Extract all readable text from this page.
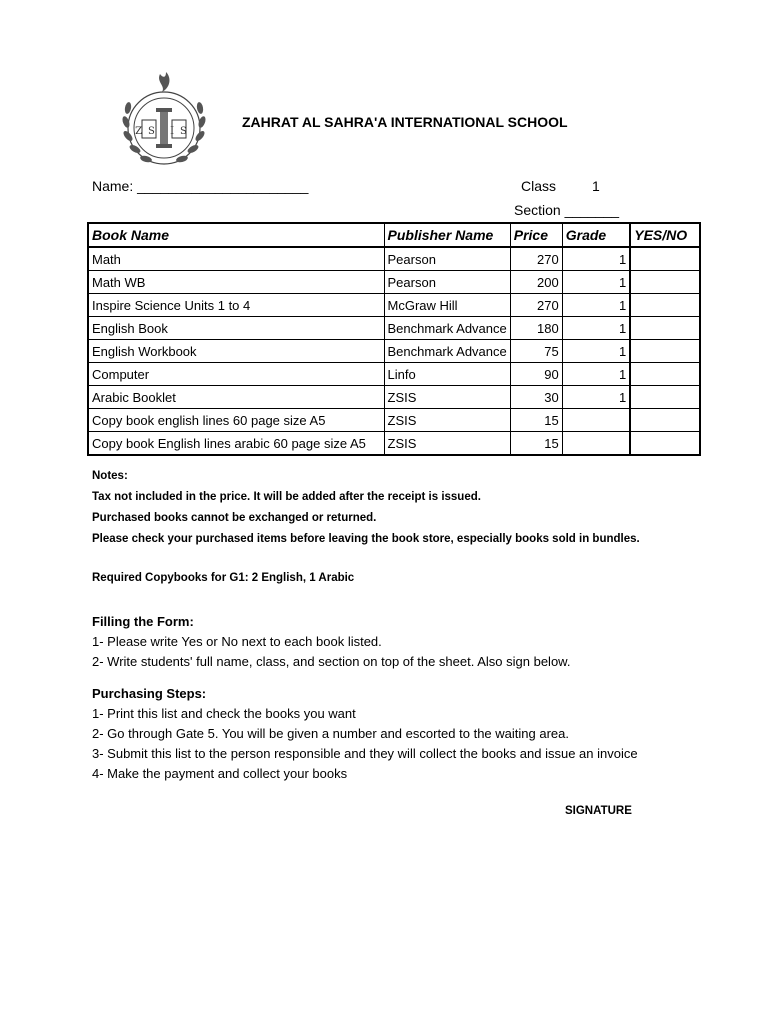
ZS IS
ZAHRAT AL SAHRA'A INTERNATIONAL SCHOOL
Name: ______________________	Class	1
Section _______
Book Name	Publisher Name	Price	Grade	YES/NO
Math	Pearson	270	1	
Math WB	Pearson	200	1	
Inspire Science Units 1 to 4	McGraw Hill	270	1	
English Book	Benchmark Advance	180	1	
English Workbook	Benchmark Advance	75	1	
Computer	Linfo	90	1	
Arabic Booklet	ZSIS	30	1	
Copy book english lines 60 page size A5	ZSIS	15		
Copy book English lines arabic 60 page size A5	ZSIS	15		
Notes:
Tax not included in the price. It will be added after the receipt is issued.
Purchased books cannot be exchanged or returned.
Please check your purchased items before leaving the book store, especially books sold in bundles.
Required Copybooks for G1: 2 English, 1 Arabic
Filling the Form:
1- Please write Yes or No next to each book listed.
2- Write students' full name, class, and section on top of the sheet. Also sign below.
Purchasing Steps:
1- Print this list and check the books you want
2- Go through Gate 5. You will be given a number and escorted to the waiting area.
3- Submit this list to the person responsible and they will collect the books and issue an invoice
4- Make the payment and collect your books
SIGNATURE
